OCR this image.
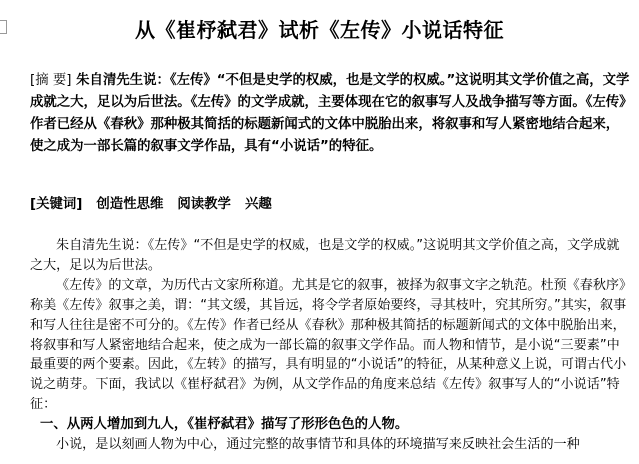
从《崔杼弑君》试析《左传》小说话特征

[摘 要] 朱自清先生说：《左传》“不但是史学的权威，也是文学的权威。”这说明其文学价值之高，文学成就之大，足以为后世法。《左传》的文学成就，主要体现在它的叙事写人及战争描写等方面。《左传》作者已经从《春秋》那种极其简括的标题新闻式的文体中脱胎出来，将叙事和写人紧密地结合起来，使之成为一部长篇的叙事文学作品，具有“小说话”的特征。

[关键词] 创造性思维 阅读教学 兴趣

朱自清先生说：《左传》“不但是史学的权威，也是文学的权威。”这说明其文学价值之高，文学成就之大，足以为后世法。

《左传》的文章，为历代古文家所称道。尤其是它的叙事，被择为叙事文字之轨范。杜预《春秋序》称美《左传》叙事之美，谓：“其文缓，其旨远，将令学者原始要终，寻其枝叶，究其所穷。”其实，叙事和写人往往是密不可分的。《左传》作者已经从《春秋》那种极其简括的标题新闻式的文体中脱胎出来，将叙事和写人紧密地结合起来，使之成为一部长篇的叙事文学作品。而人物和情节，是小说“三要素”中最重要的两个要素。因此，《左转》的描写，具有明显的“小说话”的特征，从某种意义上说，可谓古代小说之萌芽。下面，我试以《崔杼弑君》为例，从文学作品的角度来总结《左传》叙事写人的“小说话”特征：

一、从两人增加到九人，《崔杼弑君》描写了形形色色的人物。

小说，是以刻画人物为中心，通过完整的故事情节和具体的环境描写来反映社会生活的一种
